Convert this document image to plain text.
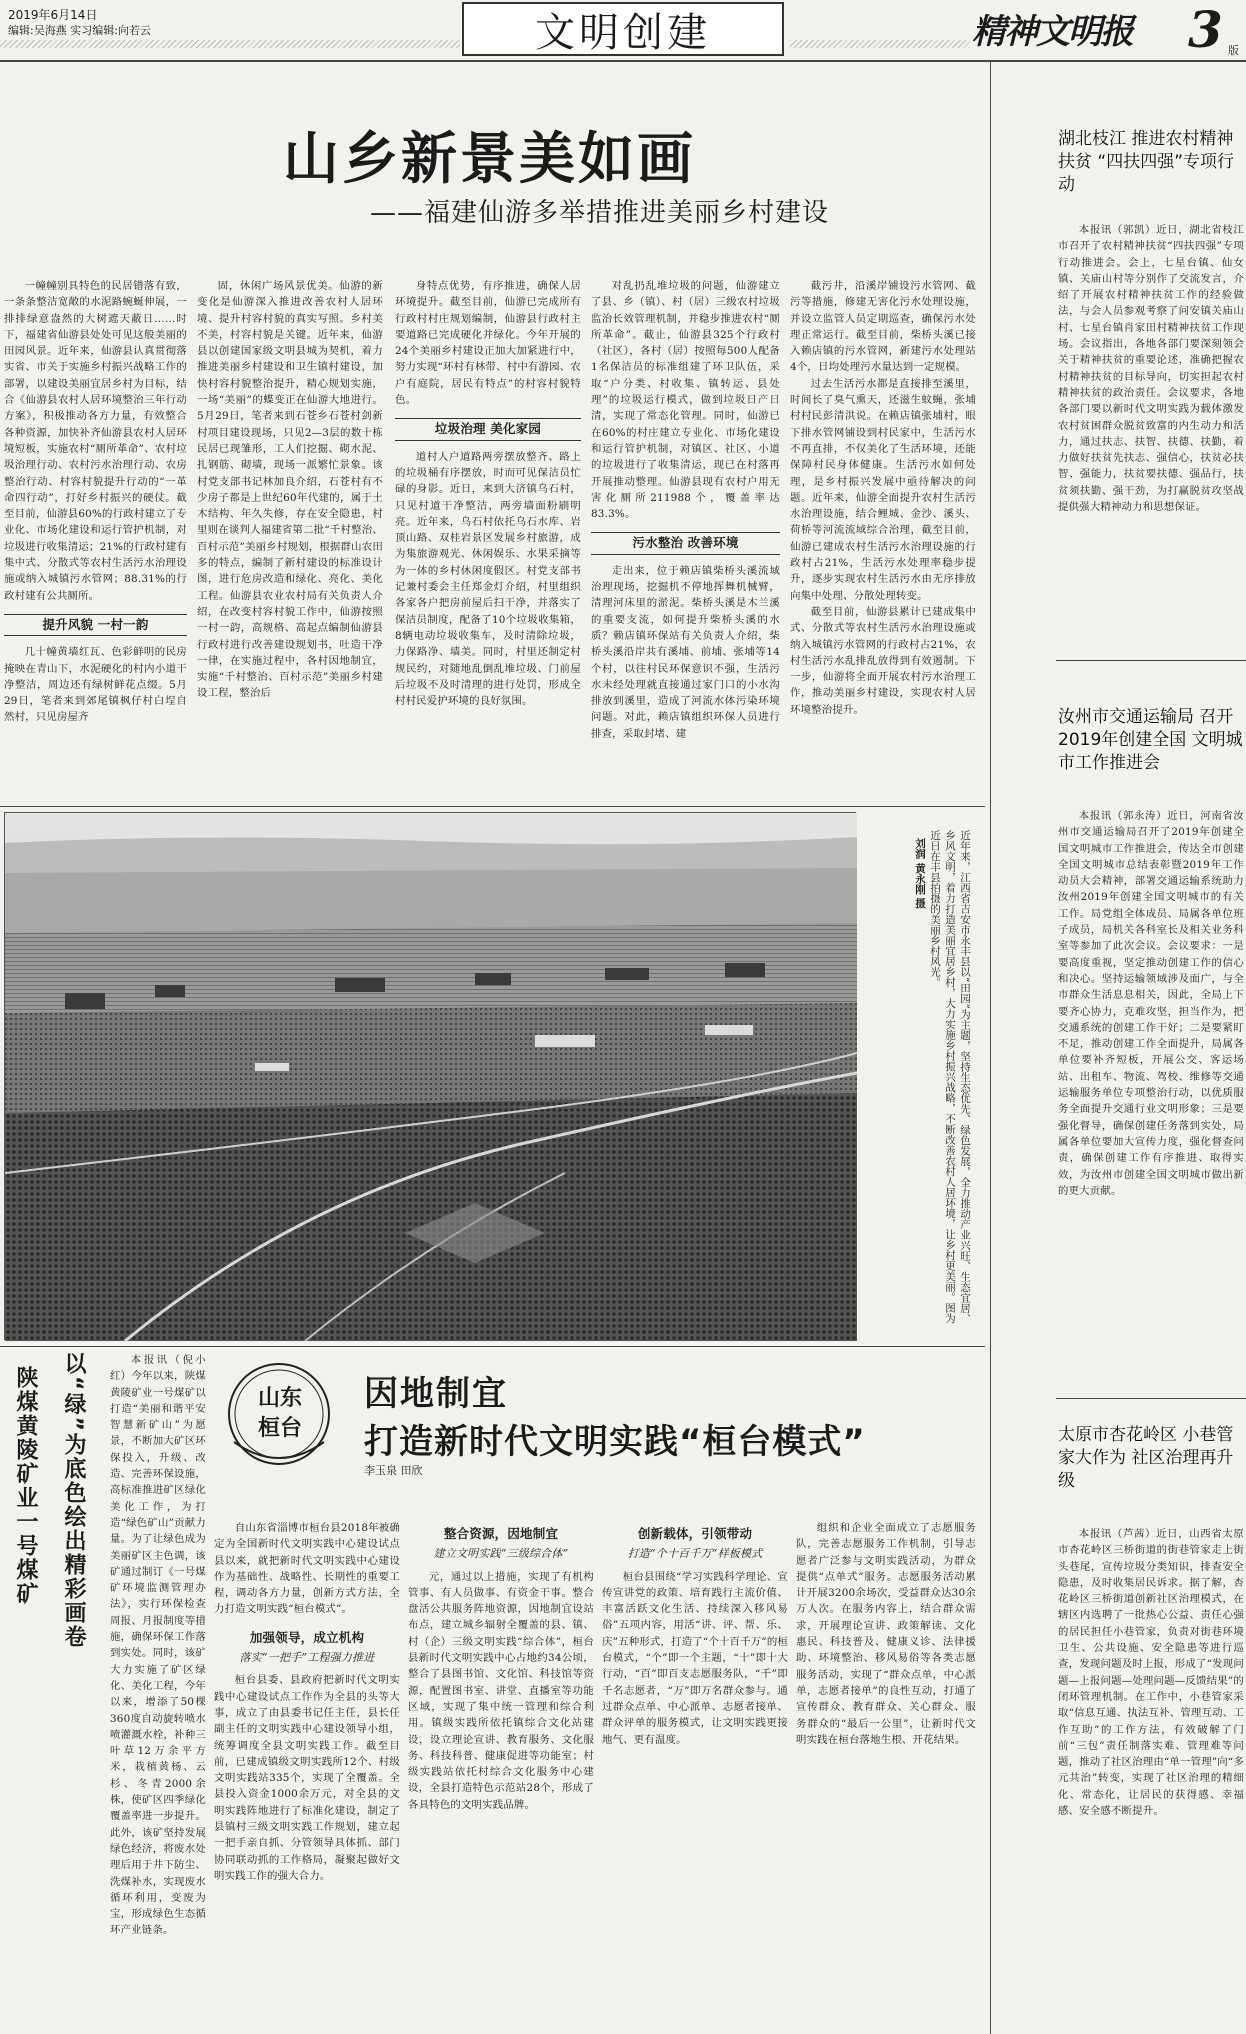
2019年6月14日
编辑:吴海燕 实习编辑:向若云	文明创建	精神文明报 3 版
山乡新景美如画
——福建仙游多举措推进美丽乡村建设

一幢幢别具特色的民居错落有致，一条条整洁宽敞的水泥路蜿蜒伸展，一排排绿意盎然的大树遮天蔽日……时下，福建省仙游县处处可见这般美丽的田园风景。近年来，仙游县认真贯彻落实省、市关于实施乡村振兴战略工作的部署，以建设美丽宜居乡村为目标，结合《仙游县农村人居环境整治三年行动方案》，积极推动各方力量，有效整合各种资源，加快补齐仙游县农村人居环境短板，实施农村“厕所革命”、农村垃圾治理行动、农村污水治理行动、农房整治行动、村容村貌提升行动的“一革命四行动”，打好乡村振兴的硬仗。截至目前，仙游县60%的行政村建立了专业化、市场化建设和运行管护机制，对垃圾进行收集清运；21%的行政村建有集中式、分散式等农村生活污水治理设施或纳入城镇污水管网；88.31%的行政村建有公共厕所。

提升风貌 一村一韵

几十幢黄墙红瓦、色彩鲜明的民房掩映在青山下，水泥硬化的村内小道干净整洁，周边还有绿树鲜花点缀。5月29日，笔者来到郊尾镇枫仔村白埕自然村，只见房屋齐

固，休闲广场风景优美。仙游的新变化是仙游深入推进改善农村人居环境、提升村容村貌的真实写照。乡村美不美，村容村貌是关键。近年来，仙游县以创建国家级文明县城为契机，着力推进美丽乡村建设和卫生镇村建设，加快村容村貌整治提升，精心规划实施，一场“美丽”的蝶变正在仙游大地进行。5月29日，笔者来到石苍乡石苍村剑新村项目建设现场，只见2—3层的数十栋民居已现雏形，工人们挖掘、砌水泥、扎钢筋、砌墙，现场一派繁忙景象。该村党支部书记林加良介绍，石苍村有不少房子都是上世纪60年代建的，属于土木结构、年久失修，存在安全隐患，村里则在谈判人福建省第二批“千村整治、百村示范”美丽乡村规划，根据群山农田多的特点，编制了新村建设的标准设计图，进行危房改造和绿化、亮化、美化工程。仙游县农业农村局有关负责人介绍，在改变村容村貌工作中，仙游按照一村一韵，高规格、高起点编制仙游县行政村进行改善建设规划书，吐造干净一律，在实施过程中，各村因地制宜，实施“千村整治、百村示范”美丽乡村建设工程，整治后

身特点优势，有序推进，确保人居环境提升。截至目前，仙游已完成所有行政村村庄规划编制，仙游县行政村主要道路已完成硬化并绿化。今年开展的24个美丽乡村建设正加大加紧进行中，努力实现“环村有林带、村中有游园、农户有庭院，居民有特点”的村容村貌特色。

垃圾治理 美化家园

道村人户道路两旁摆放整齐、路上的垃圾桶有序摆放，时而可见保洁员忙碌的身影。近日，来到大济镇乌石村，只见村道干净整洁，两旁墙面粉刷明亮。近年来，乌石村依托乌石水库、岩顶山路、双桂岩景区发展乡村旅游，成为集旅游观光、休闲娱乐、水果采摘等为一体的乡村休闲度假区。村党支部书记兼村委会主任郑金灯介绍，村里组织各家各户把房前屋后扫干净，并落实了保洁员制度，配备了10个垃圾收集箱，8辆电动垃圾收集车，及时清除垃圾，力保路净、墙美。同时，村里还制定村规民约，对随地乱倒乱堆垃圾、门前屋后垃圾不及时清理的进行处罚，形成全村村民爱护环境的良好氛围。

对乱扔乱堆垃圾的问题，仙游建立了县、乡（镇）、村（居）三级农村垃圾监治长效管理机制，并稳步推进农村“厕所革命”。截止，仙游县325个行政村（社区），各村（居）按照每500人配备1名保洁员的标准组建了环卫队伍，采取“户分类、村收集、镇转运、县处理”的垃圾运行模式，做到垃圾日产日清，实现了常态化管理。同时，仙游已在60%的村庄建立专业化、市场化建设和运行管护机制，对镇区、社区、小道的垃圾进行了收集清运，现已在村落再开展推动整理。仙游县现有农村户用无害化厕所211988个，覆盖率达83.3%。

污水整治 改善环境

走出来，位于赖店镇柴桥头溪流域治理现场，挖掘机不停地挥舞机械臂，清理河床里的淤泥。柴桥头溪是木兰溪的重要支流，如何提升柴桥头溪的水质？赖店镇环保站有关负责人介绍，柴桥头溪沿岸共有溪埔、前埔、张埔等14个村，以往村民环保意识不强，生活污水未经处理就直接通过家门口的小水沟排放到溪里，造成了河流水体污染环境问题。对此，赖店镇组织环保人员进行排查，采取封堵、建

截污井，沿溪岸铺设污水管网、截污等措施，修建无害化污水处理设施，并设立监管人员定期巡查，确保污水处理正常运行。截至目前，柴桥头溪已接入赖店镇的污水管网，新建污水处理站4个，日均处理污水量达到一定规模。

过去生活污水都是直接排至溪里，时间长了臭气熏天，还滋生蚊蝇，张埔村村民彭清洪说。在赖店镇张埔村，眼下排水管网铺设到村民家中，生活污水不再直排，不仅美化了生活环境，还能保障村民身体健康。生活污水如何处理，是乡村振兴发展中亟待解决的问题。近年来，仙游全面提升农村生活污水治理设施，结合鲤城、金沙、溪头、荷桥等河流流域综合治理，截至目前，仙游已建成农村生活污水治理设施的行政村占21%，生活污水处理率稳步提升，逐步实现农村生活污水由无序排放向集中处理、分散处理转变。

截至目前，仙游县累计已建成集中式、分散式等农村生活污水治理设施或纳入城镇污水管网的行政村占21%，农村生活污水乱排乱放得到有效遏制。下一步，仙游将全面开展农村污水治理工作，推动美丽乡村建设，实现农村人居环境整治提升。

近年来，江西省吉安市永丰县以“田园”为主题，坚持生态优先、绿色发展，全力推动产业兴旺、生态宜居、乡风文明，着力打造美丽宜居乡村，大力实施乡村振兴战略，不断改善农村人居环境，让乡村更美丽。图为近日在丰县拍摄的美丽乡村风光。
刘润 黄永刚 摄
以“绿”为底色绘出精彩画卷
陕煤黄陵矿业一号煤矿

本报讯（倪小红）今年以来，陕煤黄陵矿业一号煤矿以打造“美丽和谐平安智慧新矿山”为愿景，不断加大矿区环保投入，升级、改造、完善环保设施，高标准推进矿区绿化美化工作，为打造“绿色矿山”贡献力量。为了让绿色成为美丽矿区主色调，该矿通过制订《一号煤矿环境监测管理办法》，实行环保检查周报、月报制度等措施，确保环保工作落到实处。同时，该矿大力实施了矿区绿化、美化工程，今年以来，增添了50棵360度自动旋转喷水喷灌溉水栓，补种三叶草12万余平方米，栽植黄杨、云杉、冬青2000余株，使矿区四季绿化覆盖率进一步提升。此外，该矿坚持发展绿色经济，将废水处理后用于井下防尘、洗煤补水，实现废水循环利用，变废为宝，形成绿色生态循环产业链条。

山东
桓台
因地制宜
打造新时代文明实践“桓台模式”
李玉泉 田欣

自山东省淄博市桓台县2018年被确定为全国新时代文明实践中心建设试点县以来，就把新时代文明实践中心建设作为基础性、战略性、长期性的重要工程，调动各方力量，创新方式方法，全力打造文明实践“桓台模式”。

加强领导，成立机构
落实“一把手”工程强力推进

桓台县委、县政府把新时代文明实践中心建设试点工作作为全县的头等大事，成立了由县委书记任主任，县长任副主任的文明实践中心建设领导小组，统筹调度全县文明实践工作。截至目前，已建成镇级文明实践所12个、村级文明实践站335个，实现了全覆盖。全县投入资金1000余万元，对全县的文明实践阵地进行了标准化建设，制定了县镇村三级文明实践工作规划，建立起一把手亲自抓、分管领导具体抓、部门协同联动抓的工作格局，凝聚起做好文明实践工作的强大合力。

整合资源，因地制宜
建立文明实践“三级综合体”

元，通过以上措施，实现了有机构管事、有人员做事、有资金干事。整合盘活公共服务阵地资源，因地制宜设站布点，建立城乡辐射全覆盖的县、镇、村（企）三级文明实践“综合体”，桓台县新时代文明实践中心占地约34公顷，整合了县图书馆、文化馆、科技馆等资源，配置图书室、讲堂、直播室等功能区域，实现了集中统一管理和综合利用。镇级实践所依托镇综合文化站建设，设立理论宣讲、教育服务、文化服务、科技科普、健康促进等功能室；村级实践站依托村综合文化服务中心建设，全县打造特色示范站28个，形成了各具特色的文明实践品牌。

创新载体，引领带动
打造“个十百千万”样板模式

桓台县围绕“学习实践科学理论、宣传宣讲党的政策、培育践行主流价值、丰富活跃文化生活、持续深入移风易俗”五项内容，用活“讲、评、帮、乐、庆”五种形式，打造了“个十百千万”的桓台模式，“个”即一个主题，“十”即十大行动，“百”即百支志愿服务队，“千”即千名志愿者，“万”即万名群众参与。通过群众点单、中心派单、志愿者接单、群众评单的服务模式，让文明实践更接地气、更有温度。

组织和企业全面成立了志愿服务队，完善志愿服务工作机制，引导志愿者广泛参与文明实践活动，为群众提供“点单式”服务。志愿服务活动累计开展3200余场次，受益群众达30余万人次。在服务内容上，结合群众需求，开展理论宣讲、政策解读、文化惠民、科技普及、健康义诊、法律援助、环境整治、移风易俗等各类志愿服务活动，实现了“群众点单，中心派单，志愿者接单”的良性互动，打通了宣传群众、教育群众、关心群众、服务群众的“最后一公里”，让新时代文明实践在桓台落地生根、开花结果。

湖北枝江 推进农村精神扶贫 “四扶四强”专项行动

本报讯（郭凯）近日，湖北省枝江市召开了农村精神扶贫“四扶四强”专项行动推进会。会上，七星台镇、仙女镇、关庙山村等分别作了交流发言，介绍了开展农村精神扶贫工作的经验做法，与会人员参观考察了问安镇关庙山村、七星台镇肖家田村精神扶贫工作现场。会议指出，各地各部门要深刻领会关于精神扶贫的重要论述，准确把握农村精神扶贫的目标导向，切实担起农村精神扶贫的政治责任。会议要求，各地各部门要以新时代文明实践为载体激发农村贫困群众脱贫致富的内生动力和活力，通过扶志、扶智、扶德、扶勤，着力做好扶贫先扶志、强信心，扶贫必扶智、强能力，扶贫要扶德、强品行，扶贫须扶勤、强干劲，为打赢脱贫攻坚战提供强大精神动力和思想保证。

汝州市交通运输局 召开2019年创建全国 文明城市工作推进会

本报讯（郭永涛）近日，河南省汝州市交通运输局召开了2019年创建全国文明城市工作推进会，传达全市创建全国文明城市总结表彰暨2019年工作动员大会精神，部署交通运输系统助力汝州2019年创建全国文明城市的有关工作。局党组全体成员、局属各单位班子成员，局机关各科室长及相关业务科室等参加了此次会议。会议要求：一是要高度重视，坚定推动创建工作的信心和决心。坚持运输领域涉及面广，与全市群众生活息息相关，因此，全局上下要齐心协力，克难攻坚，担当作为，把交通系统的创建工作干好；二是要紧盯不足，推动创建工作全面提升，局属各单位要补齐短板，开展公交、客运场站、出租车、物流、驾校、维修等交通运输服务单位专项整治行动，以优质服务全面提升交通行业文明形象；三是要强化督导，确保创建任务落到实处，局属各单位要加大宣传力度，强化督查问责，确保创建工作有序推进、取得实效，为汝州市创建全国文明城市做出新的更大贡献。

太原市杏花岭区 小巷管家大作为 社区治理再升级

本报讯（芦茜）近日，山西省太原市杏花岭区三桥街道的街巷管家走上街头巷尾，宣传垃圾分类知识，排查安全隐患，及时收集居民诉求。据了解，杏花岭区三桥街道创新社区治理模式，在辖区内选聘了一批热心公益、责任心强的居民担任小巷管家，负责对街巷环境卫生、公共设施、安全隐患等进行巡查，发现问题及时上报，形成了“发现问题—上报问题—处理问题—反馈结果”的闭环管理机制。在工作中，小巷管家采取“信息互通、执法互补、管理互动、工作互助”的工作方法，有效破解了门前“三包”责任制落实难、管理难等问题，推动了社区治理由“单一管理”向“多元共治”转变，实现了社区治理的精细化、常态化，让居民的获得感、幸福感、安全感不断提升。
